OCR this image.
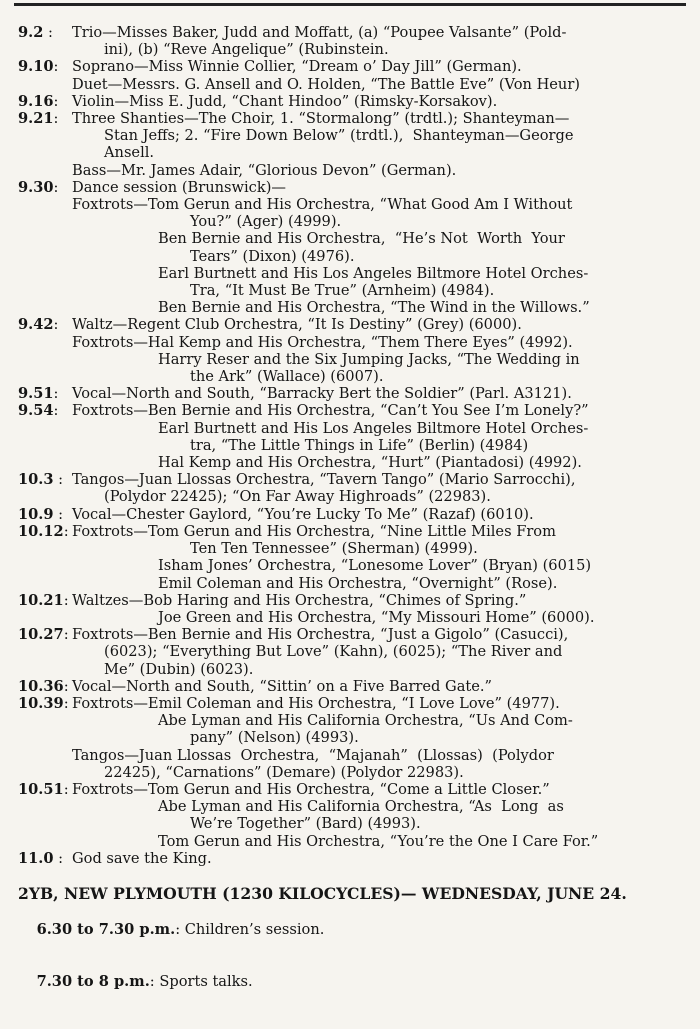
9.2 : Trio—Misses Baker, Judd and Moffatt, (a) “Poupee Valsante” (Pold-
ini), (b) “Reve Angelique” (Rubinstein.
9.10: Soprano—Miss Winnie Collier, “Dream o’ Day Jill” (German).
Duet—Messrs. G. Ansell and O. Holden, “The Battle Eve” (Von Heur)
9.16: Violin—Miss E. Judd, “Chant Hindoo” (Rimsky-Korsakov).
9.21: Three Shanties—The Choir, 1. “Stormalong” (trdtl.); Shanteyman—
Stan Jeffs; 2. “Fire Down Below” (trdtl.),  Shanteyman—George
Ansell.
Bass—Mr. James Adair, “Glorious Devon” (German).
9.30: Dance session (Brunswick)—
Foxtrots—Tom Gerun and His Orchestra, “What Good Am I Without
You?” (Ager) (4999).
Ben Bernie and His Orchestra,  “He’s Not  Worth  Your
Tears” (Dixon) (4976).
Earl Burtnett and His Los Angeles Biltmore Hotel Orches-
Tra, “It Must Be True” (Arnheim) (4984).
Ben Bernie and His Orchestra, “The Wind in the Willows.”
9.42: Waltz—Regent Club Orchestra, “It Is Destiny” (Grey) (6000).
Foxtrots—Hal Kemp and His Orchestra, “Them There Eyes” (4992).
Harry Reser and the Six Jumping Jacks, “The Wedding in
the Ark” (Wallace) (6007).
9.51: Vocal—North and South, “Barracky Bert the Soldier” (Parl. A3121).
9.54: Foxtrots—Ben Bernie and His Orchestra, “Can’t You See I’m Lonely?”
Earl Burtnett and His Los Angeles Biltmore Hotel Orches-
tra, “The Little Things in Life” (Berlin) (4984)
Hal Kemp and His Orchestra, “Hurt” (Piantadosi) (4992).
10.3 : Tangos—Juan Llossas Orchestra, “Tavern Tango” (Mario Sarrocchi),
(Polydor 22425); “On Far Away Highroads” (22983).
10.9 : Vocal—Chester Gaylord, “You’re Lucky To Me” (Razaf) (6010).
10.12:
Foxtrots—Tom Gerun and His Orchestra, “Nine Little Miles From
Ten Ten Tennessee” (Sherman) (4999).
Isham Jones’ Orchestra, “Lonesome Lover” (Bryan) (6015)
Emil Coleman and His Orchestra, “Overnight” (Rose).
10.21:
Waltzes—Bob Haring and His Orchestra, “Chimes of Spring.”
Joe Green and His Orchestra, “My Missouri Home” (6000).
10.27:
Foxtrots—Ben Bernie and His Orchestra, “Just a Gigolo” (Casucci),
(6023); “Everything But Love” (Kahn), (6025); “The River and
Me” (Dubin) (6023).
10.36:
Vocal—North and South, “Sittin’ on a Five Barred Gate.”
10.39:
Foxtrots—Emil Coleman and His Orchestra, “I Love Love” (4977).
Abe Lyman and His California Orchestra, “Us And Com-
pany” (Nelson) (4993).
Tangos—Juan Llossas  Orchestra,  “Majanah”  (Llossas)  (Polydor
22425), “Carnations” (Demare) (Polydor 22983).
10.51:
Foxtrots—Tom Gerun and His Orchestra, “Come a Little Closer.”
Abe Lyman and His California Orchestra, “As  Long  as
We’re Together” (Bard) (4993).
Tom Gerun and His Orchestra, “You’re the One I Care For.”
11.0 : God save the King.
2YB, NEW PLYMOUTH (1230 KILOCYCLES)— WEDNESDAY, JUNE 24.

6.30 to 7.30 p.m.: Children’s session.

7.30 to 8 p.m.: Sports talks.
